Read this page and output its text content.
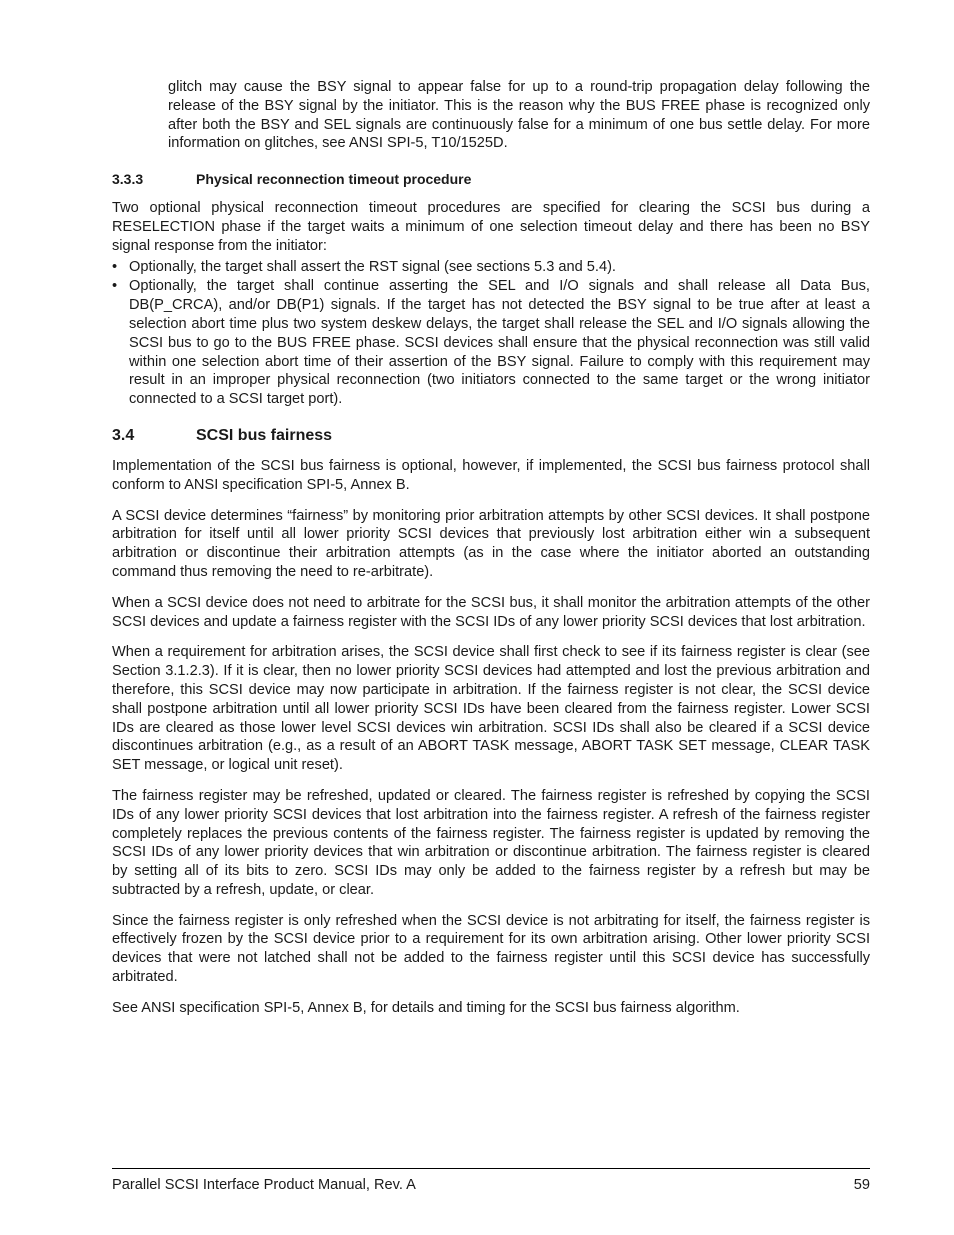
glitch may cause the BSY signal to appear false for up to a round-trip propagation delay following the release of the BSY signal by the initiator. This is the reason why the BUS FREE phase is recognized only after both the BSY and SEL signals are continuously false for a minimum of one bus settle delay. For more information on glitches, see ANSI SPI-5, T10/1525D.

3.3.3	Physical reconnection timeout procedure

Two optional physical reconnection timeout procedures are specified for clearing the SCSI bus during a RESELECTION phase if the target waits a minimum of one selection timeout delay and there has been no BSY signal response from the initiator:

• Optionally, the target shall assert the RST signal (see sections 5.3 and 5.4).
• Optionally, the target shall continue asserting the SEL and I/O signals and shall release all Data Bus, DB(P_CRCA), and/or DB(P1) signals. If the target has not detected the BSY signal to be true after at least a selection abort time plus two system deskew delays, the target shall release the SEL and I/O signals allowing the SCSI bus to go to the BUS FREE phase. SCSI devices shall ensure that the physical reconnection was still valid within one selection abort time of their assertion of the BSY signal. Failure to comply with this requirement may result in an improper physical reconnection (two initiators connected to the same target or the wrong initiator connected to a SCSI target port).
3.4	SCSI bus fairness

Implementation of the SCSI bus fairness is optional, however, if implemented, the SCSI bus fairness protocol shall conform to ANSI specification SPI-5, Annex B.

A SCSI device determines “fairness” by monitoring prior arbitration attempts by other SCSI devices. It shall postpone arbitration for itself until all lower priority SCSI devices that previously lost arbitration either win a subsequent arbitration or discontinue their arbitration attempts (as in the case where the initiator aborted an outstanding command thus removing the need to re-arbitrate).

When a SCSI device does not need to arbitrate for the SCSI bus, it shall monitor the arbitration attempts of the other SCSI devices and update a fairness register with the SCSI IDs of any lower priority SCSI devices that lost arbitration.

When a requirement for arbitration arises, the SCSI device shall first check to see if its fairness register is clear (see Section 3.1.2.3). If it is clear, then no lower priority SCSI devices had attempted and lost the previous arbitration and therefore, this SCSI device may now participate in arbitration. If the fairness register is not clear, the SCSI device shall postpone arbitration until all lower priority SCSI IDs have been cleared from the fairness register. Lower SCSI IDs are cleared as those lower level SCSI devices win arbitration. SCSI IDs shall also be cleared if a SCSI device discontinues arbitration (e.g., as a result of an ABORT TASK message, ABORT TASK SET message, CLEAR TASK SET message, or logical unit reset).

The fairness register may be refreshed, updated or cleared. The fairness register is refreshed by copying the SCSI IDs of any lower priority SCSI devices that lost arbitration into the fairness register. A refresh of the fairness register completely replaces the previous contents of the fairness register. The fairness register is updated by removing the SCSI IDs of any lower priority devices that win arbitration or discontinue arbitration. The fairness register is cleared by setting all of its bits to zero. SCSI IDs may only be added to the fairness register by a refresh but may be subtracted by a refresh, update, or clear.

Since the fairness register is only refreshed when the SCSI device is not arbitrating for itself, the fairness register is effectively frozen by the SCSI device prior to a requirement for its own arbitration arising. Other lower priority SCSI devices that were not latched shall not be added to the fairness register until this SCSI device has successfully arbitrated.

See ANSI specification SPI-5, Annex B, for details and timing for the SCSI bus fairness algorithm.

Parallel SCSI Interface Product Manual, Rev. A	59
